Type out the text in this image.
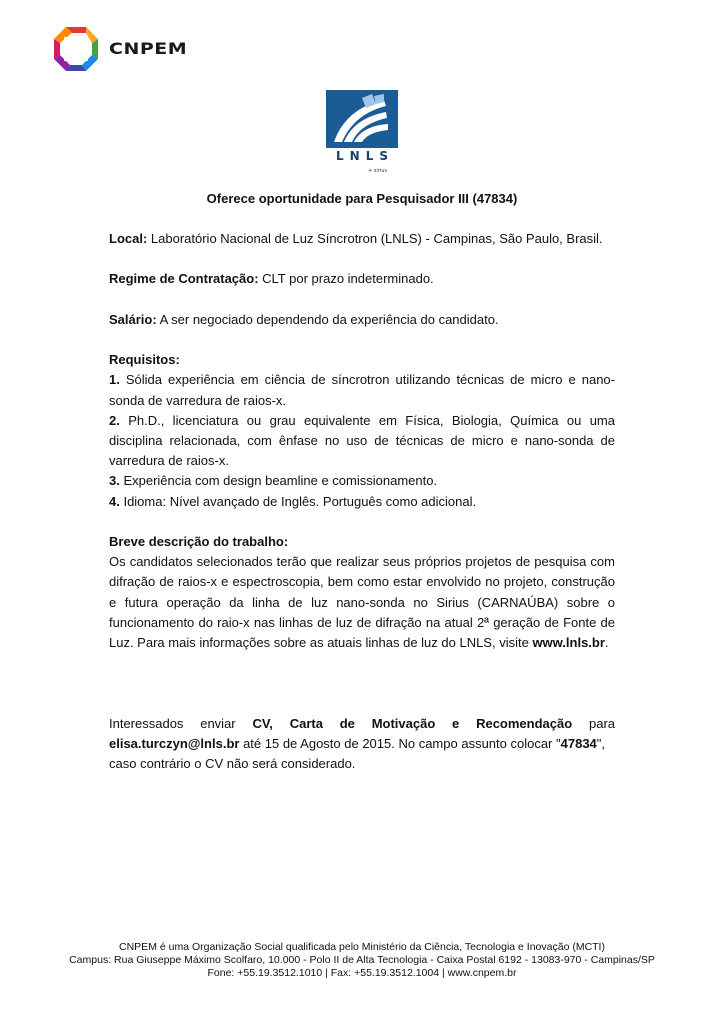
CNPEM
LNLS
+ sirius
Oferece oportunidade para Pesquisador III (47834)

Local: Laboratório Nacional de Luz Síncrotron (LNLS) - Campinas, São Paulo, Brasil.

Regime de Contratação: CLT por prazo indeterminado.

Salário: A ser negociado dependendo da experiência do candidato.

Requisitos:

1. Sólida experiência em ciência de síncrotron utilizando técnicas de micro e nano-sonda de varredura de raios-x.

2. Ph.D., licenciatura ou grau equivalente em Física, Biologia, Química ou uma disciplina relacionada, com ênfase no uso de técnicas de micro e nano-sonda de varredura de raios-x.

3. Experiência com design beamline e comissionamento.

4. Idioma: Nível avançado de Inglês. Português como adicional.

Breve descrição do trabalho:

Os candidatos selecionados terão que realizar seus próprios projetos de pesquisa com difração de raios-x e espectroscopia, bem como estar envolvido no projeto, construção e futura operação da linha de luz nano-sonda no Sirius (CARNAÚBA) sobre o funcionamento do raio-x nas linhas de luz de difração na atual 2ª geração de Fonte de Luz. Para mais informações sobre as atuais linhas de luz do LNLS, visite www.lnls.br.

Interessados enviar CV, Carta de Motivação e Recomendação para

elisa.turczyn@lnls.br até 15 de Agosto de 2015. No campo assunto colocar "47834",

caso contrário o CV não será considerado.

CNPEM é uma Organização Social qualificada pelo Ministério da Ciência, Tecnologia e Inovação (MCTI)
Campus: Rua Giuseppe Máximo Scolfaro, 10.000 - Polo II de Alta Tecnologia - Caixa Postal 6192 - 13083-970 - Campinas/SP
Fone: +55.19.3512.1010 | Fax: +55.19.3512.1004 | www.cnpem.br
